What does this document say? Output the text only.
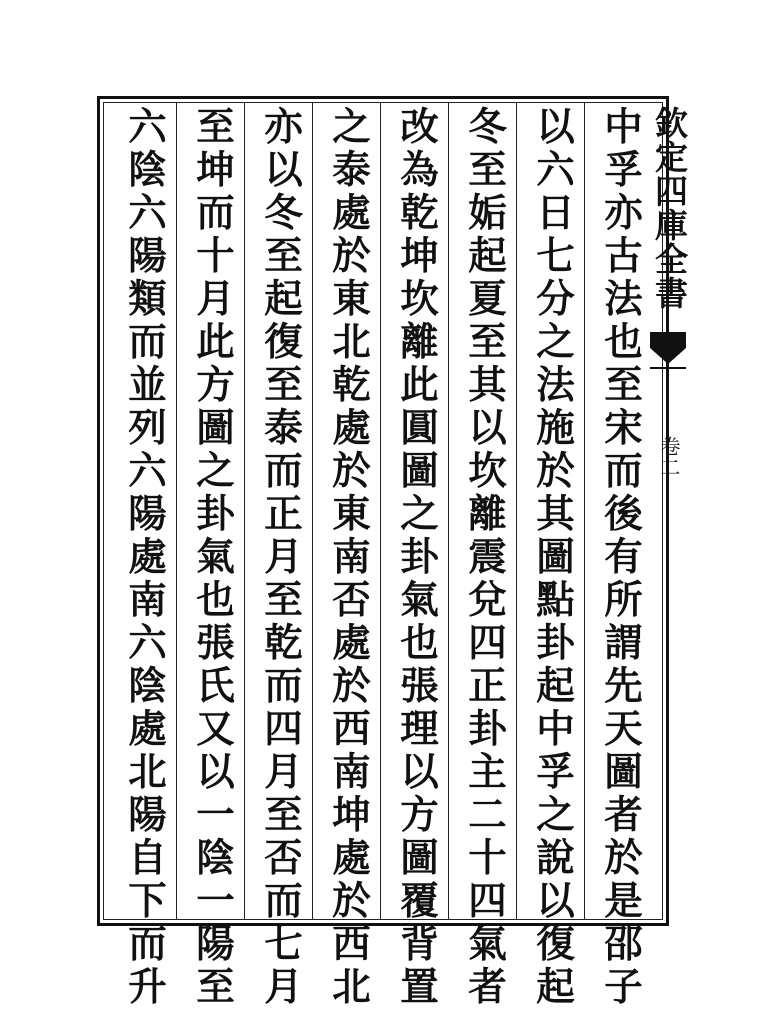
中孚亦古法也至宋而後有所謂先天圖者於是邵子
以六日七分之法施於其圖點卦起中孚之說以復起
冬至姤起夏至其以坎離震兌四正卦主二十四氣者
改為乾坤坎離此圓圖之卦氣也張理以方圖覆背置
之泰處於東北乾處於東南否處於西南坤處於西北
亦以冬至起復至泰而正月至乾而四月至否而七月
至坤而十月此方圖之卦氣也張氏又以一陰一陽至
六陰六陽類而並列六陽處南六陰處北陽自下而升	欽定四庫全書
卷二
